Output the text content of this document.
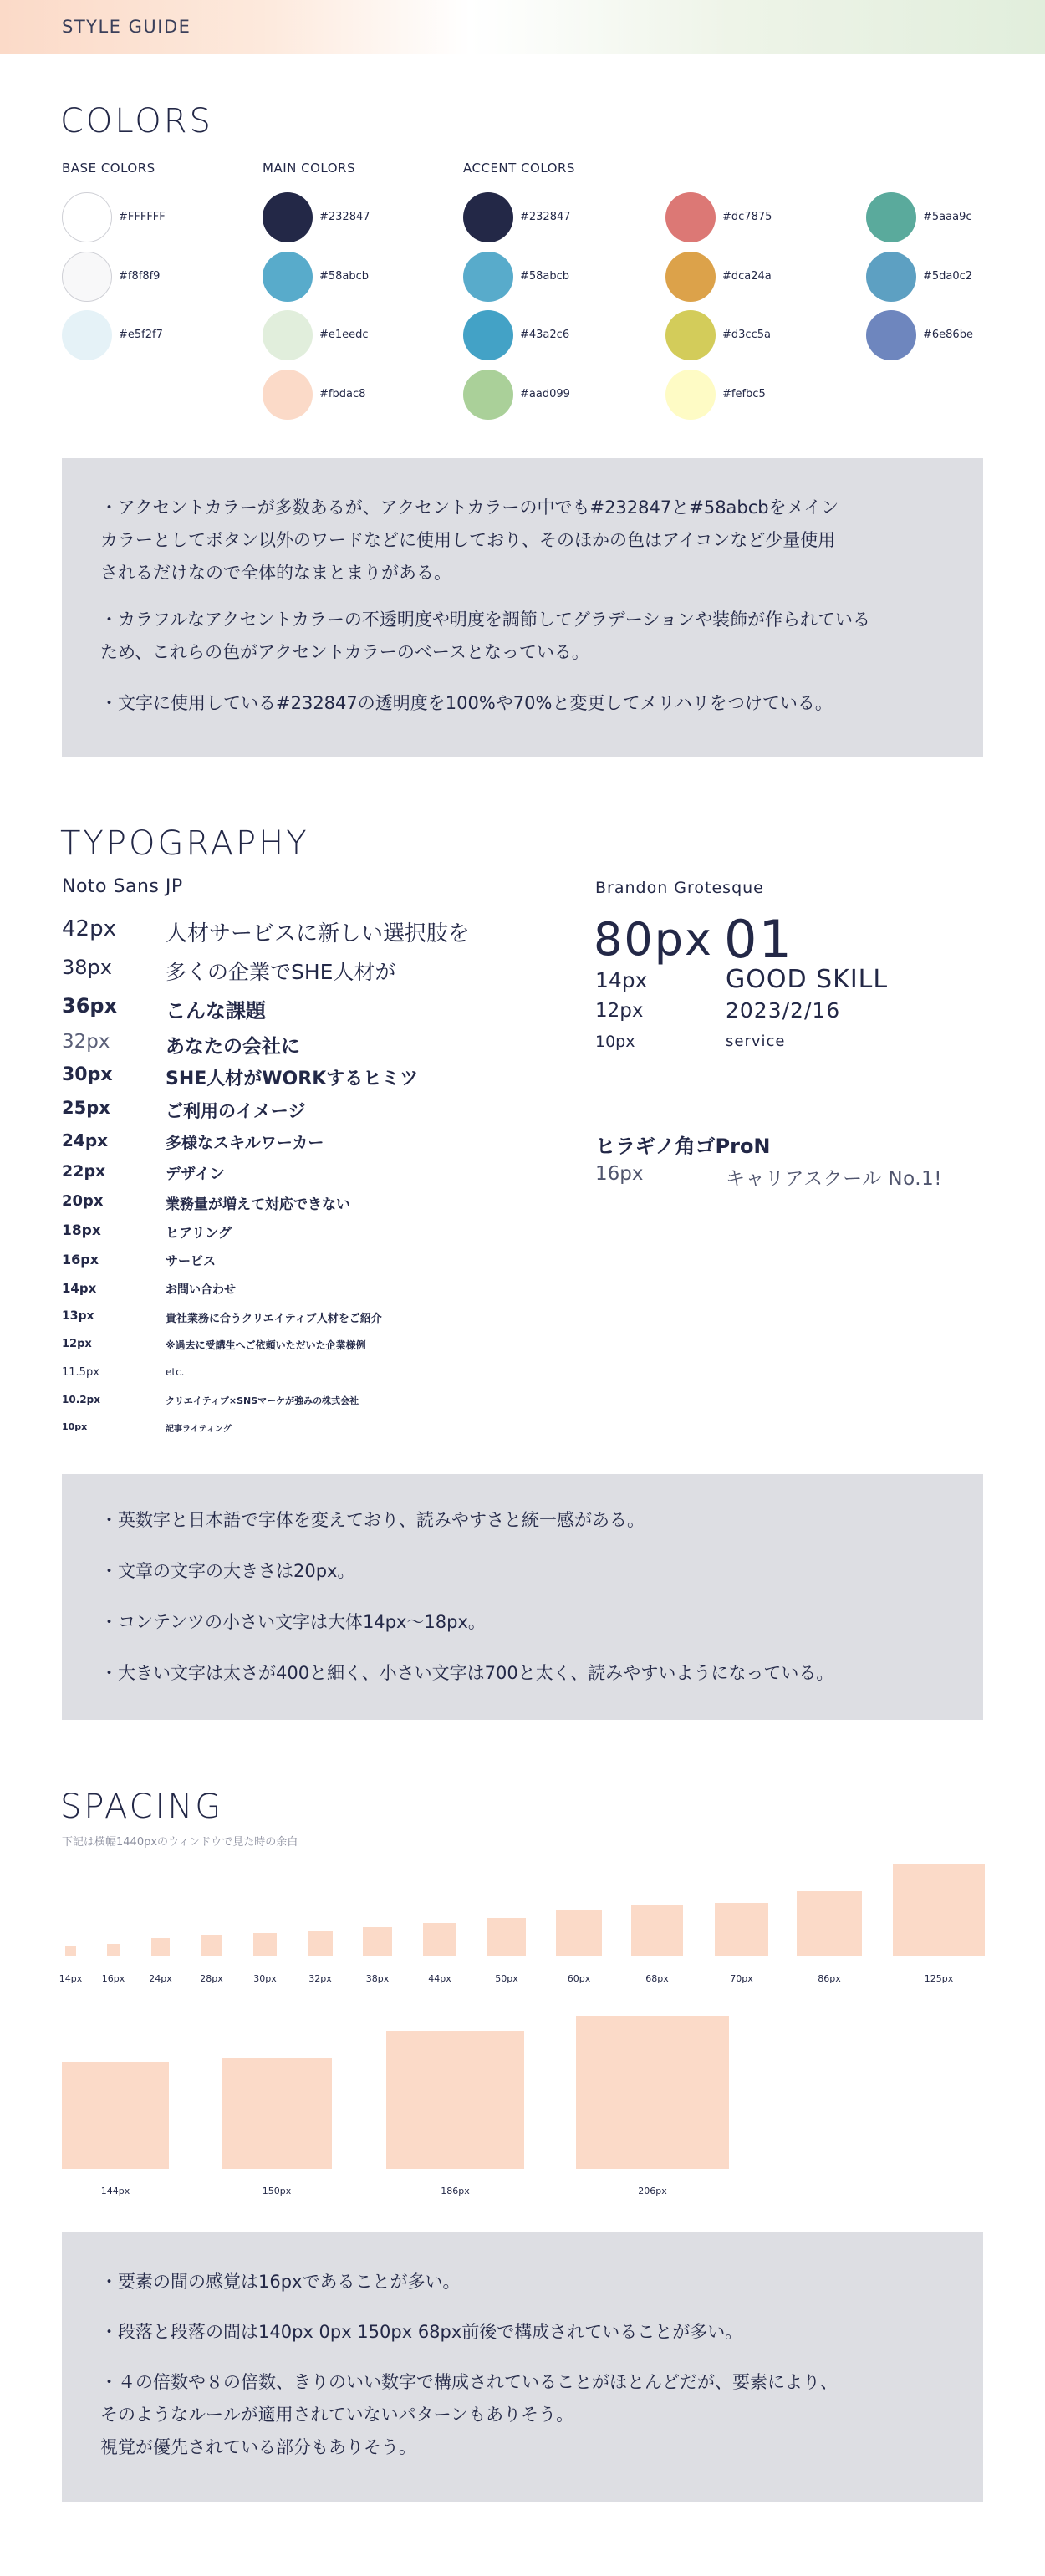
STYLE GUIDE
COLORS
BASE COLORS	MAIN COLORS	ACCENT COLORS
#FFFFFF
#f8f8f9
#e5f2f7
#232847
#58abcb
#e1eedc
#fbdac8
#232847
#58abcb
#43a2c6
#aad099
#dc7875
#dca24a
#d3cc5a
#fefbc5
#5aaa9c
#5da0c2
#6e86be
・アクセントカラーが多数あるが、アクセントカラーの中でも#232847と#58abcbをメイン
カラーとしてボタン以外のワードなどに使用しており、そのほかの色はアイコンなど少量使用
されるだけなので全体的なまとまりがある。
・カラフルなアクセントカラーの不透明度や明度を調節してグラデーションや装飾が作られている
ため、これらの色がアクセントカラーのベースとなっている。
・文字に使用している#232847の透明度を100%や70%と変更してメリハリをつけている。
TYPOGRAPHY
Noto Sans JP
42px 人材サービスに新しい選択肢を
38px	多くの企業でSHE人材が
36px こんな課題
32px	あなたの会社に
30px	SHE人材がWORKするヒミツ
25px	ご利用のイメージ
24px	多様なスキルワーカー
22px	デザイン
20px	業務量が増えて対応できない
18px	ヒアリング
16px	サービス
14px	お問い合わせ
13px	貴社業務に合うクリエイティブ人材をご紹介
12px	※過去に受講生へご依頼いただいた企業様例
11.5px	etc.
10.2px	クリエイティブ×SNSマーケが強みの株式会社
10px	記事ライティング
Brandon Grotesque
80px 01
14px	GOOD SKILL
12px	2023/2/16
10px	service
ヒラギノ角ゴProN
16px	キャリアスクール No.1!
・英数字と日本語で字体を変えており、読みやすさと統一感がある。
・文章の文字の大きさは20px。
・コンテンツの小さい文字は大体14px〜18px。
・大きい文字は太さが400と細く、小さい文字は700と太く、読みやすいようになっている。
SPACING
下記は横幅1440pxのウィンドウで見た時の余白
14px	16px	24px	28px	30px	32px	38px	44px	50px	60px	68px	70px	86px	125px
144px	150px	186px	206px
・要素の間の感覚は16pxであることが多い。
・段落と段落の間は140px 0px 150px 68px前後で構成されていることが多い。
・４の倍数や８の倍数、きりのいい数字で構成されていることがほとんどだが、要素により、
そのようなルールが適用されていないパターンもありそう。
視覚が優先されている部分もありそう。
